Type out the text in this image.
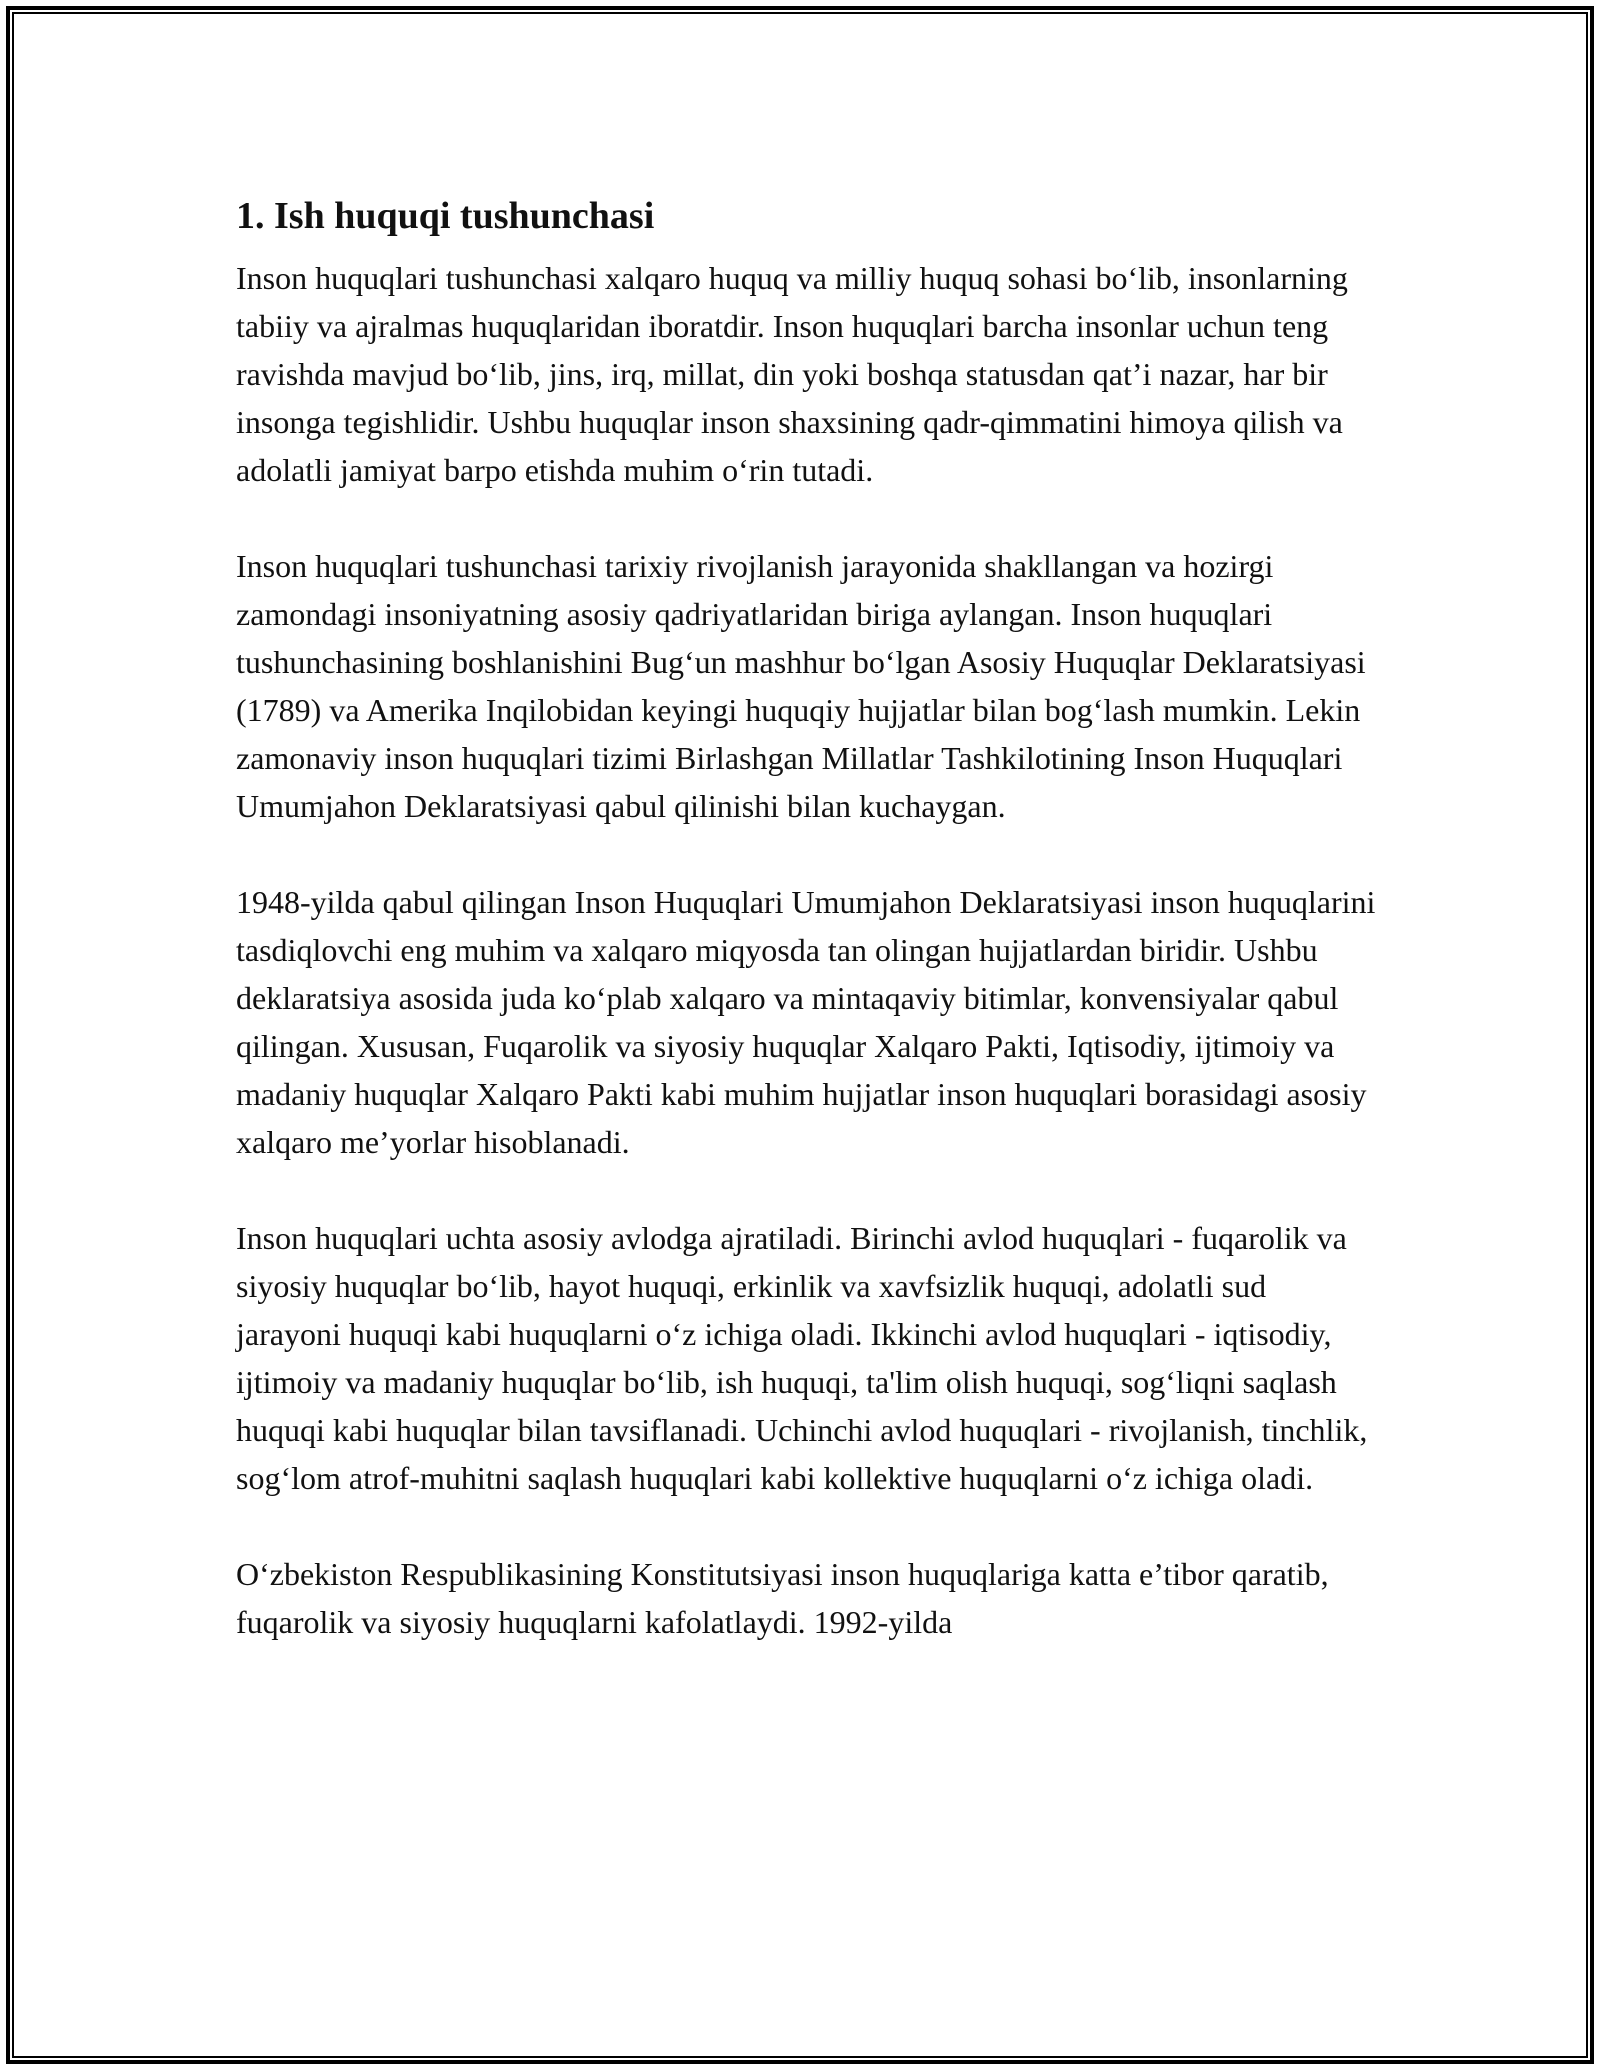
1. Ish huquqi tushunchasi

Inson huquqlari tushunchasi xalqaro huquq va milliy huquq sohasi bo‘lib, insonlarning tabiiy va ajralmas huquqlaridan iboratdir. Inson huquqlari barcha insonlar uchun teng ravishda mavjud bo‘lib, jins, irq, millat, din yoki boshqa statusdan qat’i nazar, har bir insonga tegishlidir. Ushbu huquqlar inson shaxsining qadr-qimmatini himoya qilish va adolatli jamiyat barpo etishda muhim o‘rin tutadi.

Inson huquqlari tushunchasi tarixiy rivojlanish jarayonida shakllangan va hozirgi zamondagi insoniyatning asosiy qadriyatlaridan biriga aylangan. Inson huquqlari tushunchasining boshlanishini Bug‘un mashhur bo‘lgan Asosiy Huquqlar Deklaratsiyasi (1789) va Amerika Inqilobidan keyingi huquqiy hujjatlar bilan bog‘lash mumkin. Lekin zamonaviy inson huquqlari tizimi Birlashgan Millatlar Tashkilotining Inson Huquqlari Umumjahon Deklaratsiyasi qabul qilinishi bilan kuchaygan.

1948-yilda qabul qilingan Inson Huquqlari Umumjahon Deklaratsiyasi inson huquqlarini tasdiqlovchi eng muhim va xalqaro miqyosda tan olingan hujjatlardan biridir. Ushbu deklaratsiya asosida juda ko‘plab xalqaro va mintaqaviy bitimlar, konvensiyalar qabul qilingan. Xususan, Fuqarolik va siyosiy huquqlar Xalqaro Pakti, Iqtisodiy, ijtimoiy va madaniy huquqlar Xalqaro Pakti kabi muhim hujjatlar inson huquqlari borasidagi asosiy xalqaro me’yorlar hisoblanadi.

Inson huquqlari uchta asosiy avlodga ajratiladi. Birinchi avlod huquqlari - fuqarolik va siyosiy huquqlar bo‘lib, hayot huquqi, erkinlik va xavfsizlik huquqi, adolatli sud jarayoni huquqi kabi huquqlarni o‘z ichiga oladi. Ikkinchi avlod huquqlari - iqtisodiy, ijtimoiy va madaniy huquqlar bo‘lib, ish huquqi, ta'lim olish huquqi, sog‘liqni saqlash huquqi kabi huquqlar bilan tavsiflanadi. Uchinchi avlod huquqlari - rivojlanish, tinchlik, sog‘lom atrof-muhitni saqlash huquqlari kabi kollektive huquqlarni o‘z ichiga oladi.

O‘zbekiston Respublikasining Konstitutsiyasi inson huquqlariga katta e’tibor qaratib, fuqarolik va siyosiy huquqlarni kafolatlaydi. 1992-yilda
